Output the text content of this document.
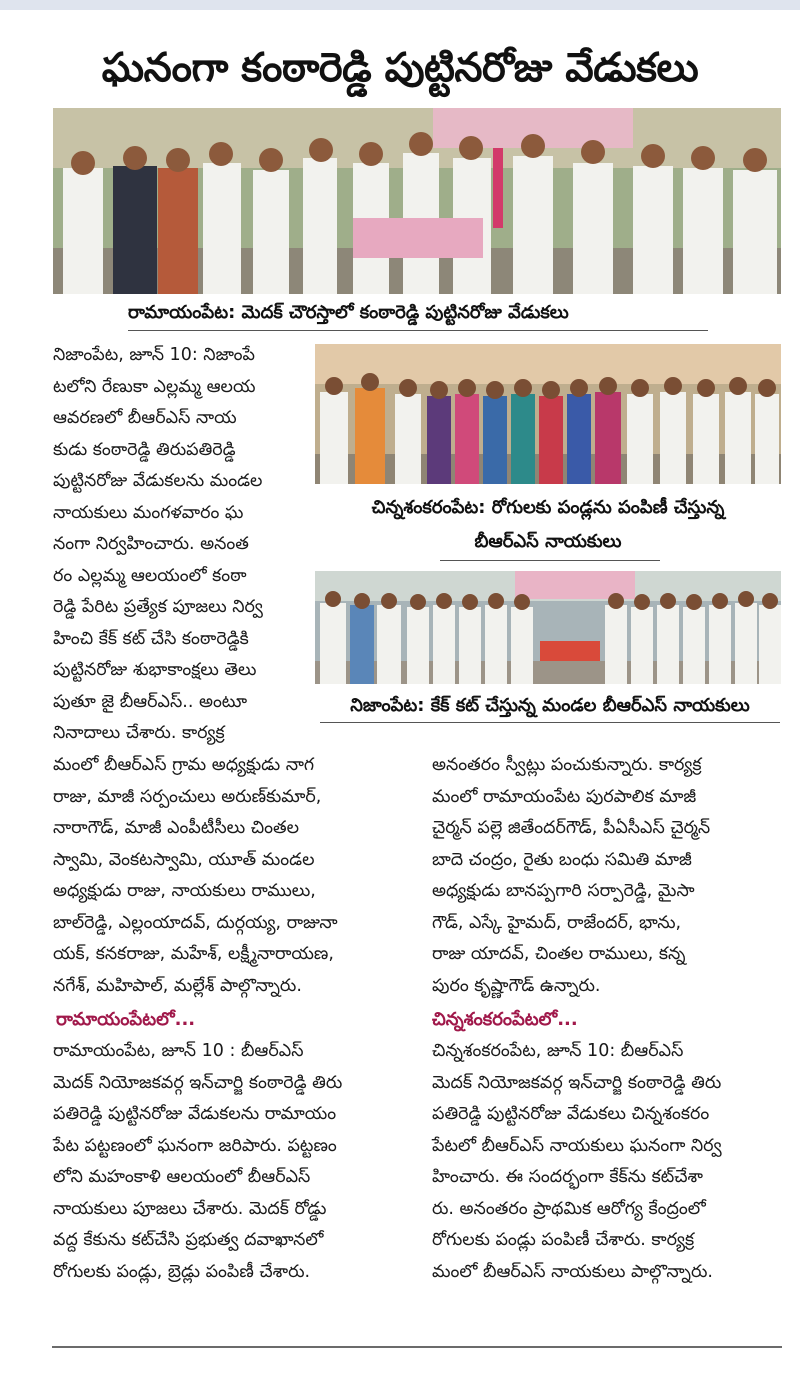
ఘనంగా కంఠారెడ్డి పుట్టినరోజు వేడుకలు
రామాయంపేట: మెదక్ చౌరస్తాలో కంఠారెడ్డి పుట్టినరోజు వేడుకలు
చిన్నశంకరంపేట: రోగులకు పండ్లను పంపిణీ చేస్తున్న
బీఆర్ఎస్ నాయకులు
నిజాంపేట: కేక్ కట్ చేస్తున్న మండల బీఆర్ఎస్ నాయకులు

నిజాంపేట, జూన్ 10: నిజాంపే
టలోని రేణుకా ఎల్లమ్మ ఆలయ
ఆవరణలో బీఆర్ఎస్ నాయ
కుడు కంఠారెడ్డి తిరుపతిరెడ్డి
పుట్టినరోజు వేడుకలను మండల
నాయకులు మంగళవారం ఘ
నంగా నిర్వహించారు. అనంత
రం ఎల్లమ్మ ఆలయంలో కంఠా
రెడ్డి పేరిట ప్రత్యేక పూజలు నిర్వ
హించి కేక్ కట్ చేసి కంఠారెడ్డికి
పుట్టినరోజు శుభాకాంక్షలు తెలు
పుతూ జై బీఆర్ఎస్.. అంటూ
నినాదాలు చేశారు. కార్యక్ర

మంలో బీఆర్ఎస్ గ్రామ అధ్యక్షుడు నాగ
రాజు, మాజీ సర్పంచులు అరుణ్‌కుమార్,
నారాగౌడ్, మాజీ ఎంపీటీసీలు చింతల
స్వామి, వెంకటస్వామి, యూత్ మండల
అధ్యక్షుడు రాజు, నాయకులు రాములు,
బాల్‌రెడ్డి, ఎల్లంయాదవ్, దుర్గయ్య, రాజునా
యక్, కనకరాజు, మహేశ్, లక్ష్మీనారాయణ,
నగేశ్, మహిపాల్, మల్లేశ్ పాల్గొన్నారు.

అనంతరం స్వీట్లు పంచుకున్నారు. కార్యక్ర
మంలో రామాయంపేట పురపాలిక మాజీ
చైర్మన్ పల్లె జితేందర్‌గౌడ్, పీఏసీఎస్ చైర్మన్
బాదె చంద్రం, రైతు బంధు సమితి మాజీ
అధ్యక్షుడు బానప్పగారి సర్పారెడ్డి, మైసా
గౌడ్, ఎస్కే హైమద్, రాజేందర్, భాను,
రాజు యాదవ్, చింతల రాములు, కన్న
పురం కృష్ణాగౌడ్ ఉన్నారు.

రామాయంపేటలో...	చిన్నశంకరంపేటలో...

రామాయంపేట, జూన్ 10 : బీఆర్ఎస్
మెదక్ నియోజకవర్గ ఇన్‌చార్జి కంఠారెడ్డి తిరు
పతిరెడ్డి పుట్టినరోజు వేడుకలను రామాయం
పేట పట్టణంలో ఘనంగా జరిపారు. పట్టణం
లోని మహంకాళి ఆలయంలో బీఆర్ఎస్
నాయకులు పూజలు చేశారు. మెదక్ రోడ్డు
వద్ద కేకును కట్‌చేసి ప్రభుత్వ దవాఖానలో
రోగులకు పండ్లు, బ్రెడ్లు పంపిణీ చేశారు.

చిన్నశంకరంపేట, జూన్ 10: బీఆర్ఎస్
మెదక్ నియోజకవర్గ ఇన్‌చార్జి కంఠారెడ్డి తిరు
పతిరెడ్డి పుట్టినరోజు వేడుకలు చిన్నశంకరం
పేటలో బీఆర్ఎస్ నాయకులు ఘనంగా నిర్వ
హించారు. ఈ సందర్భంగా కేక్‌ను కట్‌చేశా
రు. అనంతరం ప్రాథమిక ఆరోగ్య కేంద్రంలో
రోగులకు పండ్లు పంపిణీ చేశారు. కార్యక్ర
మంలో బీఆర్ఎస్ నాయకులు పాల్గొన్నారు.
